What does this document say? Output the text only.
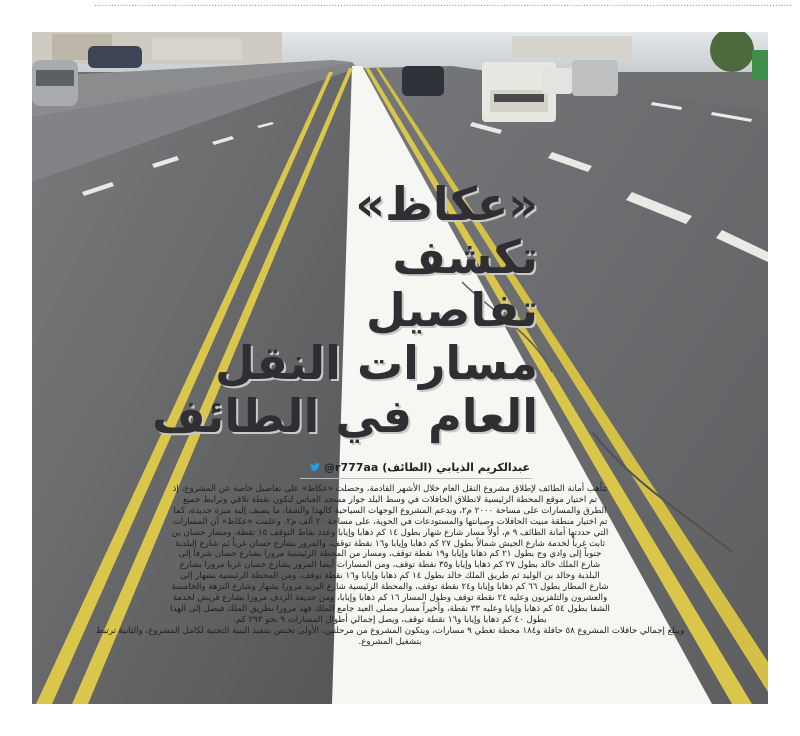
....................................................................................................................................................................................................................................................
«عكاظ»
تكشف
تفاصيل
مسارات النقل
العام في الطائف
عبدالكريم الذيابي (الطائف)
@r777aa

تتأهب أمانة الطائف لإطلاق مشروع النقل العام خلال الأشهر القادمة، وحصلت «عكاظ» على تفاصيل خاصة عن المشروع، إذ تم اختيار موقع المحطة الرئيسية لانطلاق الحافلات في وسط البلد جوار مسجد العباس لتكون نقطة تلاقي وترابط جميع الطرق والمسارات على مساحة ٢٠٠٠ م٢، ويدعم المشروع الوجهات السياحية كالهدا والشفا، ما يضيف إليه ميزة جديدة، كما تم اختيار منطقة مبيت الحافلات وصيانتها والمستودعات في الحوية، على مساحة ٢٠ ألف م٢. وعلمت «عكاظ» أن المسارات التي حددتها أمانة الطائف ٩ م، أولاً مسار شارع شهار بطول ١٤ كم ذهابا وإيابا وعدد نقاط التوقف ١٥ نقطة، ومسار حسان بن ثابت غرباً لخدمة شارع الجيش شمالاً بطول ٢٧ كم ذهابا وإيابا و١٦ نقطة توقف، والمرور بشارع حسان غرباً ثم شارع البلدية جنوباً إلى وادي وج بطول ٢١ كم ذهابا وإيابا و١٩ نقطة توقف، ومسار من المحطة الرئيسية مرورا بشارع حسان شرقاً إلى شارع الملك خالد بطول ٢٧ كم ذهابا وإيابا و٣٥ نقطة توقف، ومن المسارات أيضا المرور بشارع حسان غربا مرورا بشارع البلدية وخالد بن الوليد ثم طريق الملك خالد بطول ١٤ كم ذهابا وإيابا و١٦ نقطة توقف، ومن المحطة الرئيسية بشهار إلى شارع المطار بطول ٦٦ كم ذهابا وإيابا و٢٤ نقطة توقف، والمحطة الرئيسية شارع البريد مرورا بشهار وشارع النزهة والخامسة والعشرون والتلفزيون وعليه ٢٤ نقطة توقف وطول المسار ١٦ كم ذهابا وإيابا، ومن حديقة الردف مرورا بشارع قريش لخدمة الشفا بطول ٥٤ كم ذهابا وإيابا وعليه ٣٣ نقطة، وأخيراً مسار مصلى العيد جامع الملك فهد مرورا بطريق الملك فيصل إلى الهدا بطول ٤٠ كم ذهابا وإيابا و١٦ نقطة توقف، ويصل إجمالي أطوال المسارات ٩ نحو ٢٩٣ كم.

ويبلغ إجمالي حافلات المشروع ٥٨ حافلة و١٨٤ محطة تغطي ٩ مسارات، ويتكون المشروع من مرحلتين، الأولى تختص بتنفيذ البنية التحتية لكامل المشروع، والثانية ترتبط بتشغيل المشروع.
